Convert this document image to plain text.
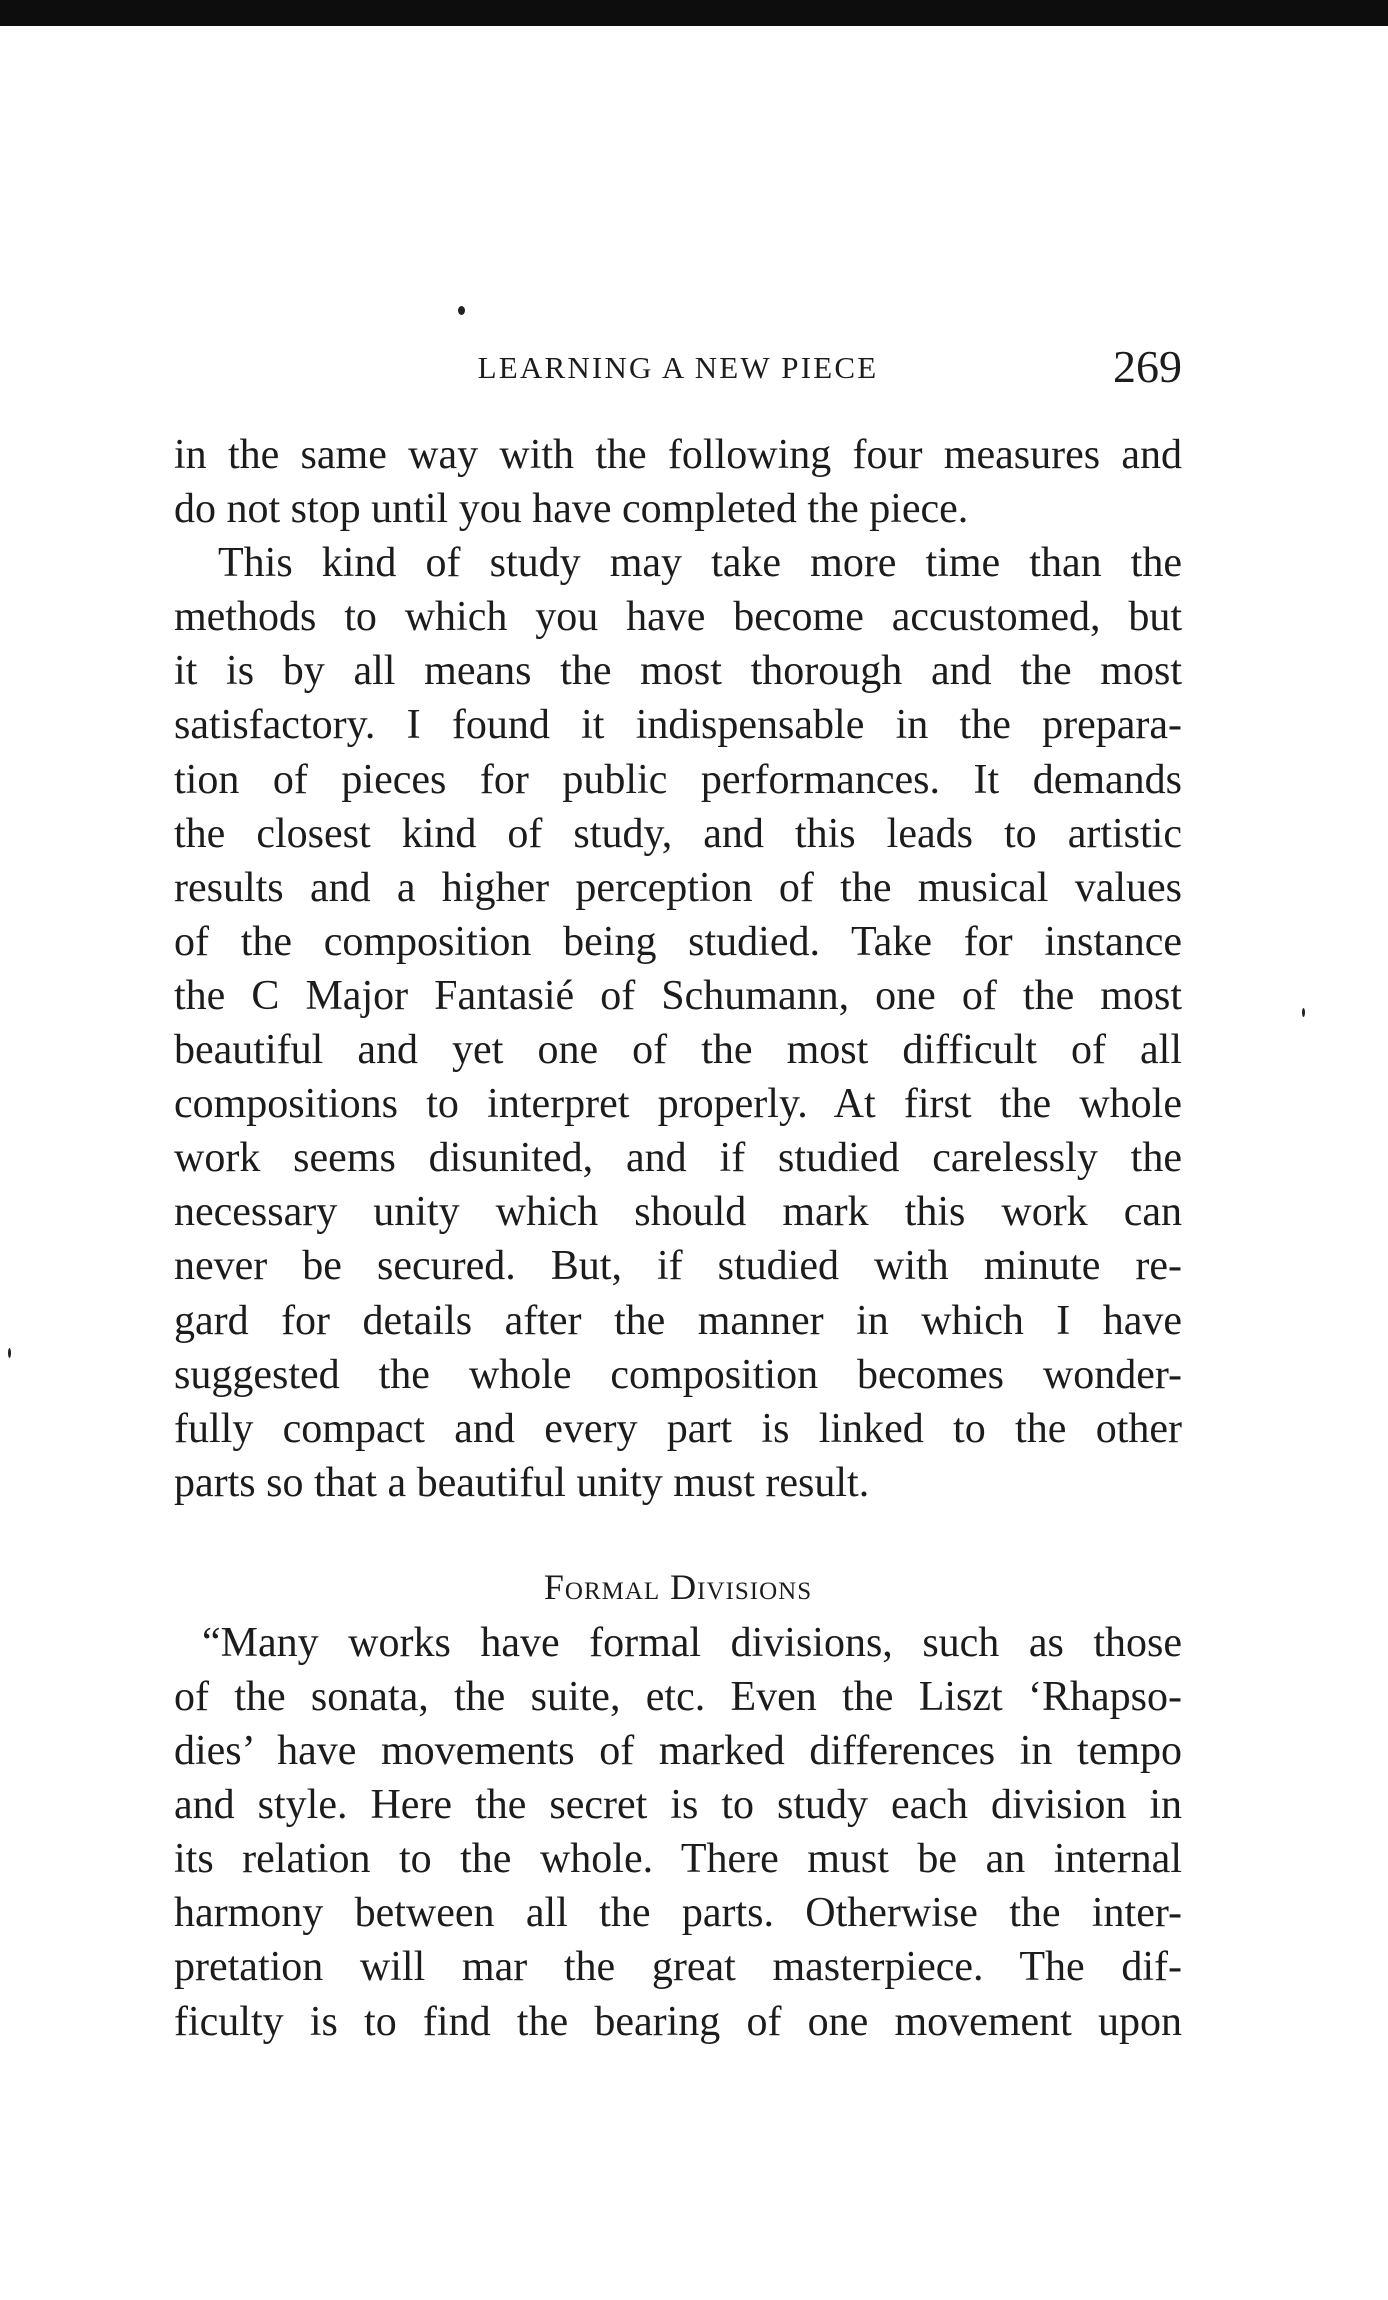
LEARNING A NEW PIECE	269
in the same way with the following four measures and
do not stop until you have completed the piece.
This kind of study may take more time than the
methods to which you have become accustomed, but
it is by all means the most thorough and the most
satisfactory. I found it indispensable in the prepara-
tion of pieces for public performances. It demands
the closest kind of study, and this leads to artistic
results and a higher perception of the musical values
of the composition being studied. Take for instance
the C Major Fantasié of Schumann, one of the most
beautiful and yet one of the most difficult of all
compositions to interpret properly. At first the whole
work seems disunited, and if studied carelessly the
necessary unity which should mark this work can
never be secured. But, if studied with minute re-
gard for details after the manner in which I have
suggested the whole composition becomes wonder-
fully compact and every part is linked to the other
parts so that a beautiful unity must result.
Formal Divisions
“Many works have formal divisions, such as those
of the sonata, the suite, etc. Even the Liszt ‘Rhapso-
dies’ have movements of marked differences in tempo
and style. Here the secret is to study each division in
its relation to the whole. There must be an internal
harmony between all the parts. Otherwise the inter-
pretation will mar the great masterpiece. The dif-
ficulty is to find the bearing of one movement upon
